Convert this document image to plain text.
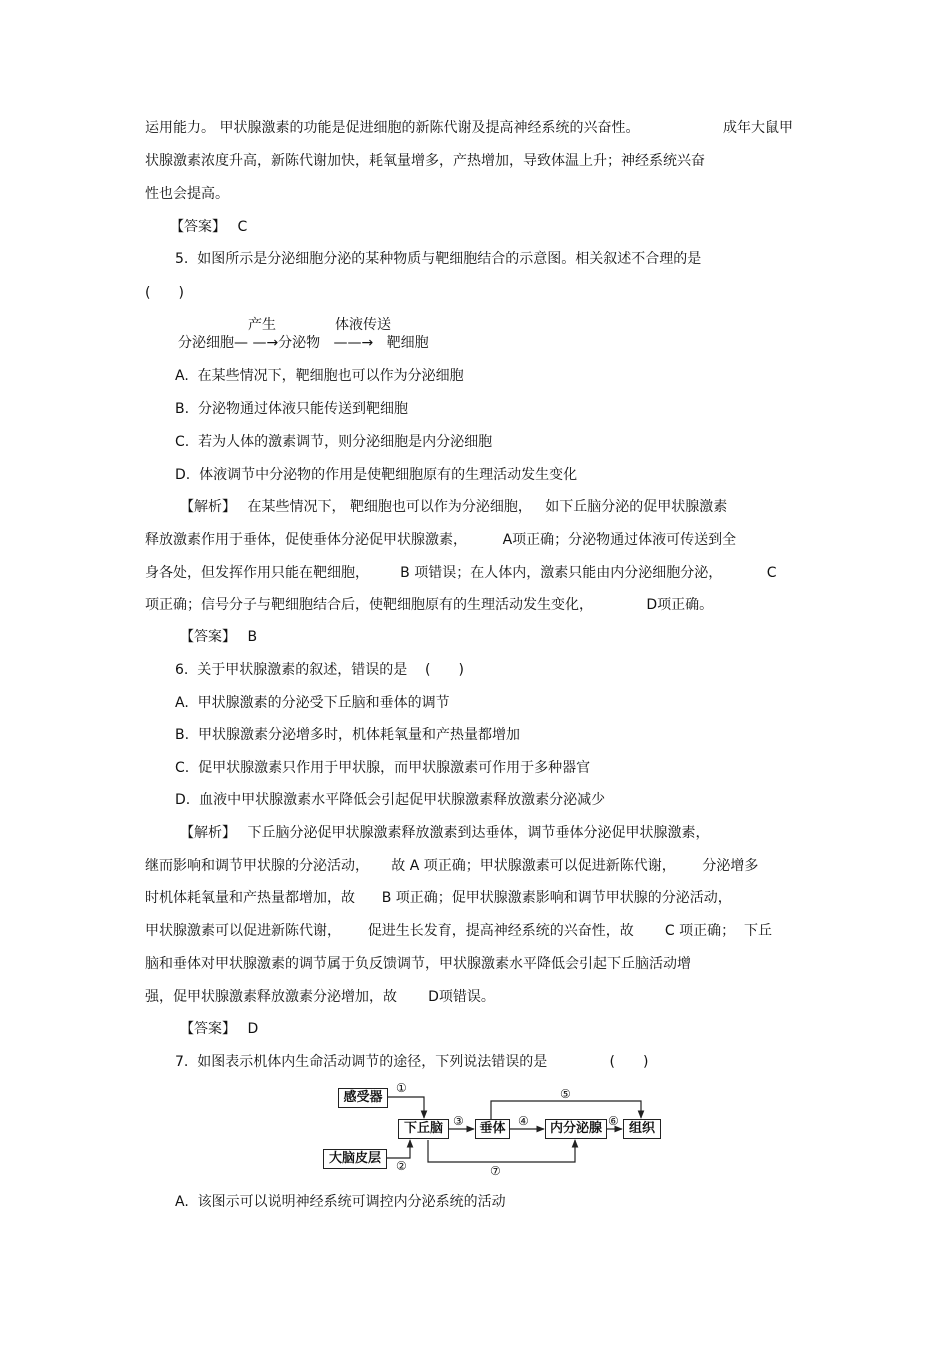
运用能力。 甲状腺激素的功能是促进细胞的新陈代谢及提高神经系统的兴奋性。	成年大鼠甲
状腺激素浓度升高，新陈代谢加快，耗氧量增多，产热增加，导致体温上升；神经系统兴奋
性也会提高。
【答案】　 C
5.  如图所示是分泌细胞分泌的某种物质与靶细胞结合的示意图。相关叙述不合理的是
(　　)
产生	体液传送
分泌细胞— —→分泌物   ——→   靶细胞
A.  在某些情况下，靶细胞也可以作为分泌细胞
B.  分泌物通过体液只能传送到靶细胞
C.  若为人体的激素调节，则分泌细胞是内分泌细胞
D.  体液调节中分泌物的作用是使靶细胞原有的生理活动发生变化
【解析】　 在某些情况下， 靶细胞也可以作为分泌细胞，   如下丘脑分泌的促甲状腺激素
释放激素作用于垂体，促使垂体分泌促甲状腺激素，        A项正确；分泌物通过体液可传送到全
身各处，但发挥作用只能在靶细胞，       B 项错误；在人体内，激素只能由内分泌细胞分泌，          C
项正确；信号分子与靶细胞结合后，使靶细胞原有的生理活动发生变化，            D项正确。
【答案】　 B
6.  关于甲状腺激素的叙述，错误的是    (　　)
A.  甲状腺激素的分泌受下丘脑和垂体的调节
B.  甲状腺激素分泌增多时，机体耗氧量和产热量都增加
C.  促甲状腺激素只作用于甲状腺，而甲状腺激素可作用于多种器官
D.  血液中甲状腺激素水平降低会引起促甲状腺激素释放激素分泌减少
【解析】　 下丘脑分泌促甲状腺激素释放激素到达垂体，调节垂体分泌促甲状腺激素，
继而影响和调节甲状腺的分泌活动，     故 A 项正确；甲状腺激素可以促进新陈代谢，      分泌增多
时机体耗氧量和产热量都增加，故      B 项正确；促甲状腺激素影响和调节甲状腺的分泌活动，
甲状腺激素可以促进新陈代谢，      促进生长发育，提高神经系统的兴奋性，故       C 项正确；  下丘
脑和垂体对甲状腺激素的调节属于负反馈调节，甲状腺激素水平降低会引起下丘脑活动增
强，促甲状腺激素释放激素分泌增加，故       D项错误。
【答案】　 D
7.  如图表示机体内生命活动调节的途径，下列说法错误的是              (　　)
感受器
大脑皮层
下丘脑	垂体	内分泌腺	组织
①
②
③	④
⑤
⑥
⑦
A.  该图示可以说明神经系统可调控内分泌系统的活动
